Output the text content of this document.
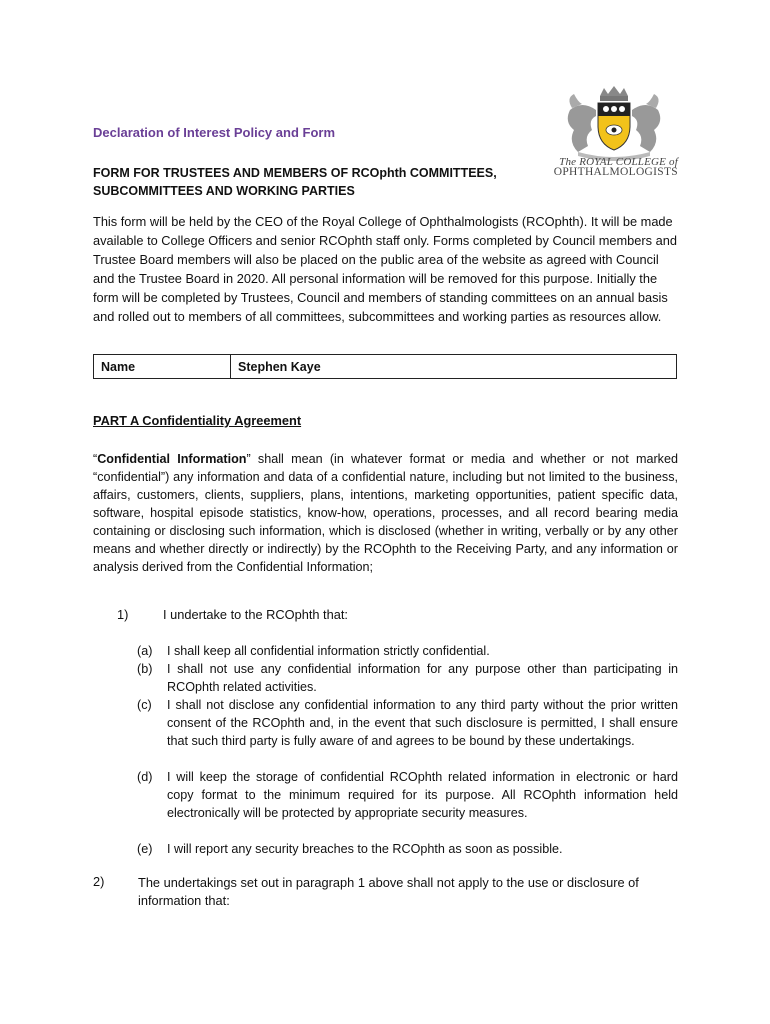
The ROYAL COLLEGE of
OPHTHALMOLOGISTS
Declaration of Interest Policy and Form
FORM FOR TRUSTEES AND MEMBERS OF RCOphth COMMITTEES, SUBCOMMITTEES AND WORKING PARTIES
This form will be held by the CEO of the Royal College of Ophthalmologists (RCOphth). It will be made available to College Officers and senior RCOphth staff only. Forms completed by Council members and Trustee Board members will also be placed on the public area of the website as agreed with Council and the Trustee Board in 2020. All personal information will be removed for this purpose. Initially the form will be completed by Trustees, Council and members of standing committees on an annual basis and rolled out to members of all committees, subcommittees and working parties as resources allow.
Name	Stephen Kaye
PART A Confidentiality Agreement
“Confidential Information” shall mean (in whatever format or media and whether or not marked “confidential”) any information and data of a confidential nature, including but not limited to the business, affairs, customers, clients, suppliers, plans, intentions, marketing opportunities, patient specific data, software, hospital episode statistics, know-how, operations, processes, and all record bearing media containing or disclosing such information, which is disclosed (whether in writing, verbally or by any other means and whether directly or indirectly) by the RCOphth to the Receiving Party, and any information or analysis derived from the Confidential Information;
1)	I undertake to the RCOphth that:
(a) I shall keep all confidential information strictly confidential.
(b) I shall not use any confidential information for any purpose other than participating in RCOphth related activities.
(c) I shall not disclose any confidential information to any third party without the prior written consent of the RCOphth and, in the event that such disclosure is permitted, I shall ensure that such third party is fully aware of and agrees to be bound by these undertakings.
(d) I will keep the storage of confidential RCOphth related information in electronic or hard copy format to the minimum required for its purpose. All RCOphth information held electronically will be protected by appropriate security measures.
(e) I will report any security breaches to the RCOphth as soon as possible.
2)	The undertakings set out in paragraph 1 above shall not apply to the use or disclosure of information that:
